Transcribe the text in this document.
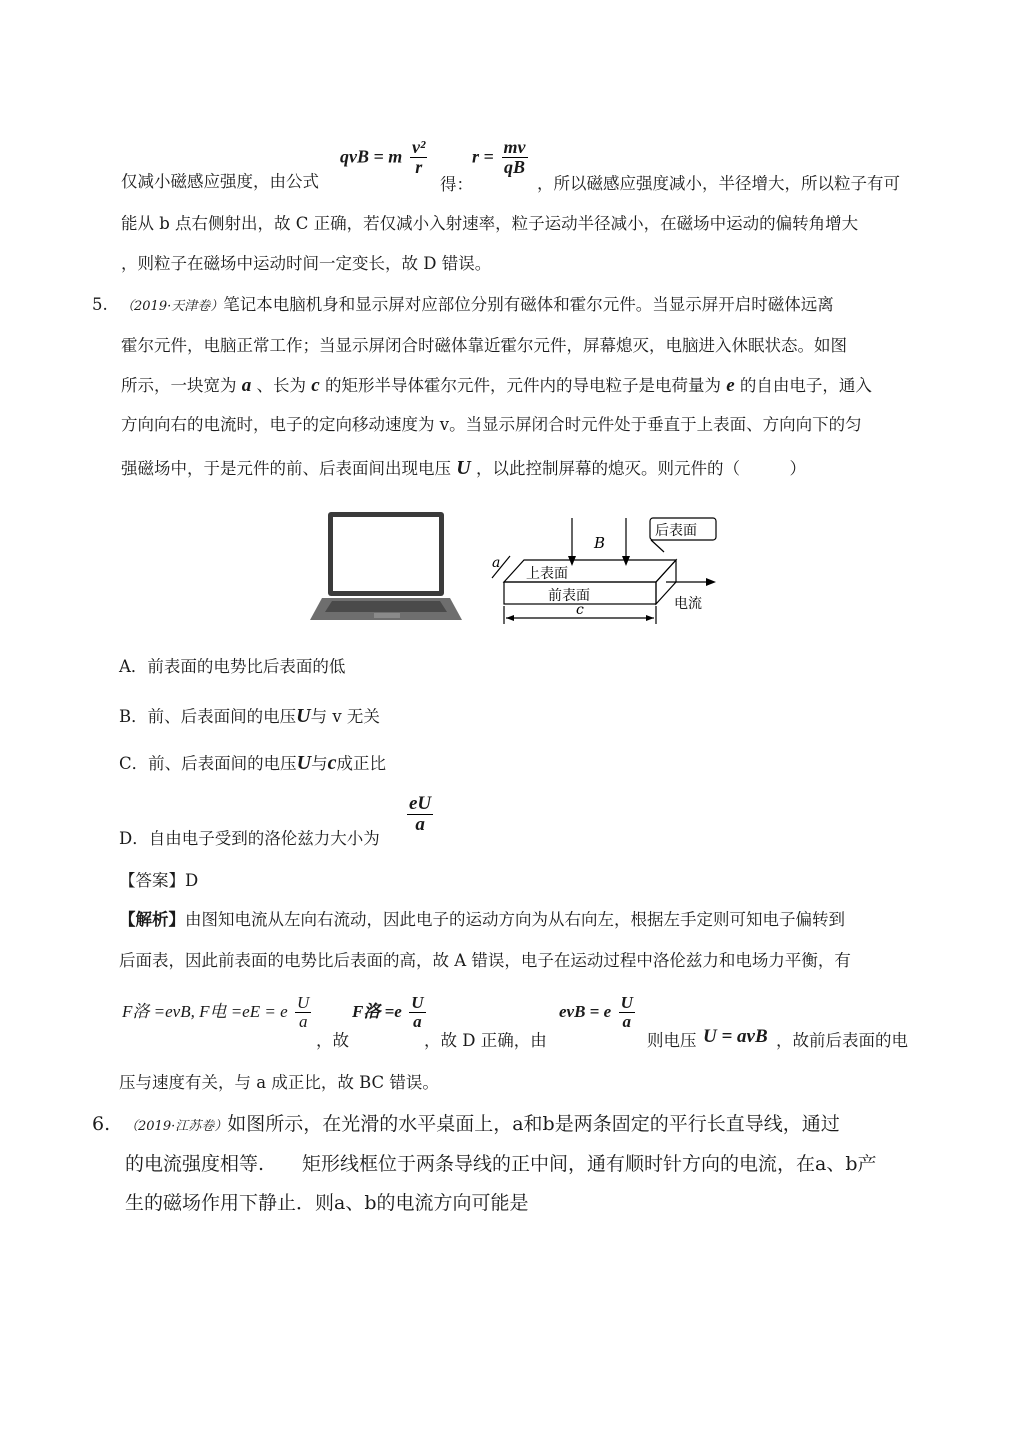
仅减小磁感应强度，由公式
qvB = m $\frac{\text{v²}}{r}$
得：
$r = \frac{mv}{qB}$
，所以磁感应强度减小，半径增大，所以粒子有可
能从 b 点右侧射出，故 C 正确，若仅减小入射速率，粒子运动半径减小，在磁场中运动的偏转角增大
，则粒子在磁场中运动时间一定变长，故 D 错误。
5. （2019·天津卷）笔记本电脑机身和显示屏对应部位分别有磁体和霍尔元件。当显示屏开启时磁体远离
霍尔元件，电脑正常工作；当显示屏闭合时磁体靠近霍尔元件，屏幕熄灭，电脑进入休眠状态。如图
所示，一块宽为 a 、长为 c 的矩形半导体霍尔元件，元件内的导电粒子是电荷量为 e 的自由电子，通入
方向向右的电流时，电子的定向移动速度为 v。当显示屏闭合时元件处于垂直于上表面、方向向下的匀
强磁场中，于是元件的前、后表面间出现电压 U ，以此控制屏幕的熄灭。则元件的（　　　）
B
后表面
a
上表面
前表面	电流
c
A．前表面的电势比后表面的低
B．前、后表面间的电压U与 v 无关
C．前、后表面间的电压U与c成正比
D．自由电子受到的洛伦兹力大小为
$\frac{eU}{a}$
【答案】D
【解析】由图知电流从左向右流动，因此电子的运动方向为从右向左，根据左手定则可知电子偏转到
后面表，因此前表面的电势比后表面的高，故 A 错误，电子在运动过程中洛伦兹力和电场力平衡，有
F洛 =evB, F电 =eE = e $\frac{U}{a}$
，故
F洛 $=e \frac{U}{a}$
，故 D 正确，由
evB = e $\frac{U}{a}$
则电压 U = avB ，故前后表面的电
压与速度有关，与 a 成正比，故 BC 错误。
6. （2019·江苏卷）如图所示，在光滑的水平桌面上，a和b是两条固定的平行长直导线，通过
的电流强度相等.　　矩形线框位于两条导线的正中间，通有顺时针方向的电流，在a、b产
生的磁场作用下静止．则a、b的电流方向可能是
